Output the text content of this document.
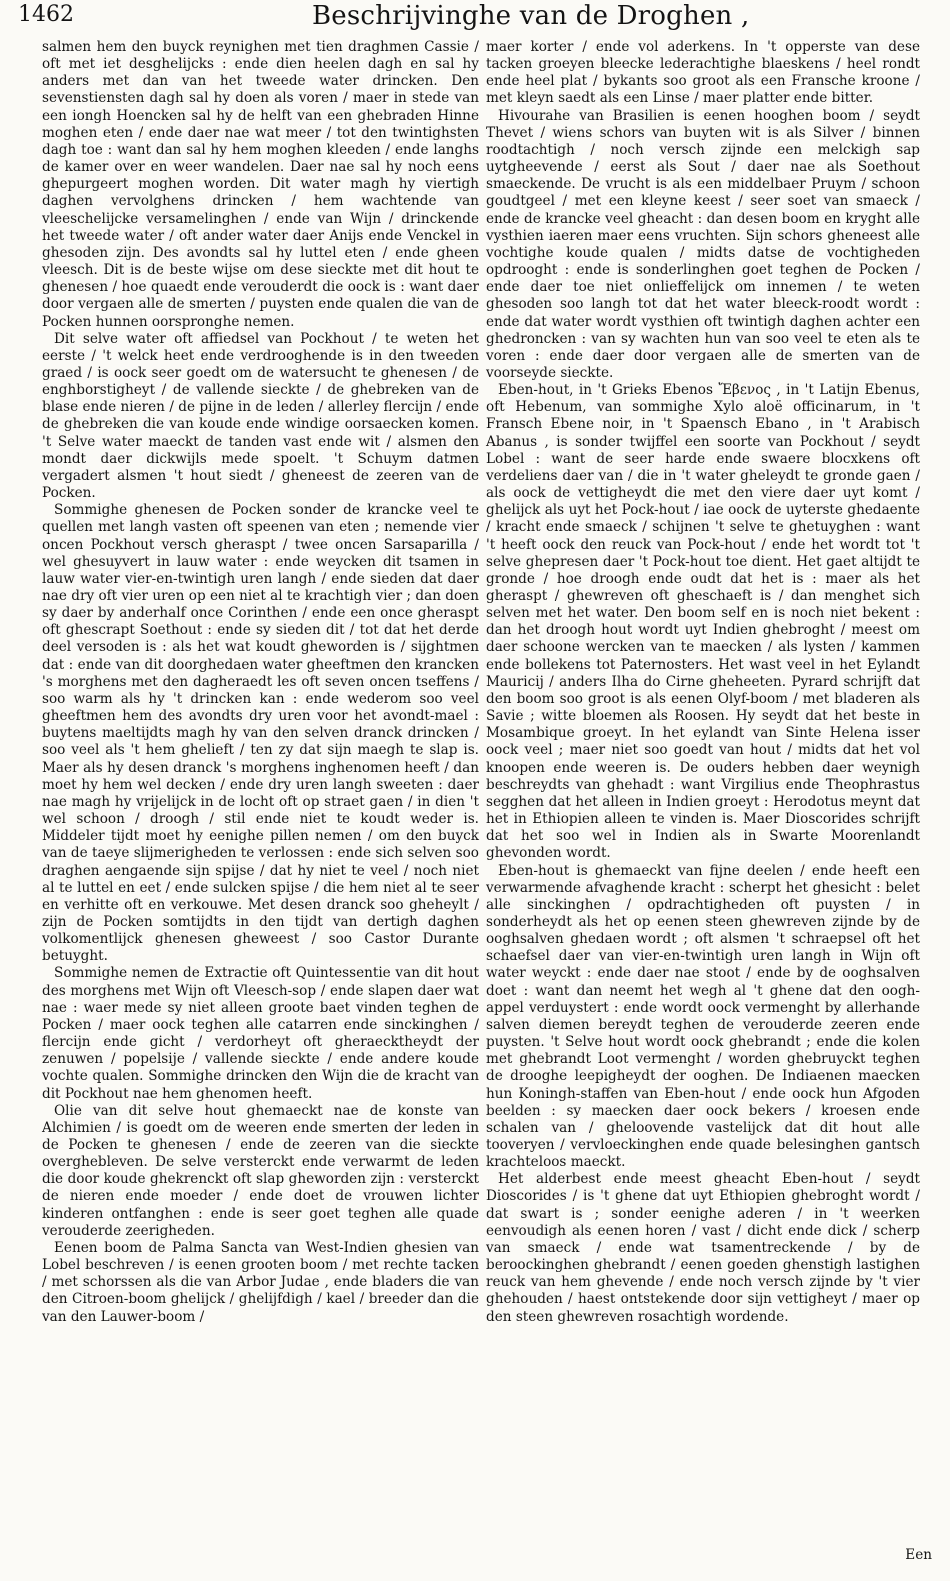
1462	Beschrijvinghe van de Droghen ,

salmen hem den buyck reynighen met tien draghmen Cassie / oft met iet desghelijcks : ende dien heelen dagh en sal hy anders met dan van het tweede water drincken. Den sevenstiensten dagh sal hy doen als voren / maer in stede van een iongh Hoencken sal hy de helft van een ghebraden Hinne moghen eten / ende daer nae wat meer / tot den twintighsten dagh toe : want dan sal hy hem moghen kleeden / ende langhs de kamer over en weer wandelen. Daer nae sal hy noch eens ghepurgeert moghen worden. Dit water magh hy viertigh daghen vervolghens drincken / hem wachtende van vleeschelijcke versamelinghen / ende van Wijn / drinckende het tweede water / oft ander water daer Anijs ende Venckel in ghesoden zijn. Des avondts sal hy luttel eten / ende gheen vleesch. Dit is de beste wijse om dese sieckte met dit hout te ghenesen / hoe quaedt ende verouderdt die oock is : want daer door vergaen alle de smerten / puysten ende qualen die van de Pocken hunnen oorspronghe nemen.

Dit selve water oft affiedsel van Pockhout / te weten het eerste / 't welck heet ende verdrooghende is in den tweeden graed / is oock seer goedt om de watersucht te ghenesen / de enghborstigheyt / de vallende sieckte / de ghebreken van de blase ende nieren / de pijne in de leden / allerley flercijn / ende de ghebreken die van koude ende windige oorsaecken komen. 't Selve water maeckt de tanden vast ende wit / alsmen den mondt daer dickwijls mede spoelt. 't Schuym datmen vergadert alsmen 't hout siedt / gheneest de zeeren van de Pocken.

Sommighe ghenesen de Pocken sonder de krancke veel te quellen met langh vasten oft speenen van eten ; nemende vier oncen Pockhout versch gheraspt / twee oncen Sarsaparilla / wel ghesuyvert in lauw water : ende weycken dit tsamen in lauw water vier-en-twintigh uren langh / ende sieden dat daer nae dry oft vier uren op een niet al te krachtigh vier ; dan doen sy daer by anderhalf once Corinthen / ende een once gheraspt oft ghescrapt Soethout : ende sy sieden dit / tot dat het derde deel versoden is : als het wat koudt gheworden is / sijghtmen dat : ende van dit doorghedaen water gheeftmen den krancken 's morghens met den dagheraedt les oft seven oncen tseffens / soo warm als hy 't drincken kan : ende wederom soo veel gheeftmen hem des avondts dry uren voor het avondt-mael : buytens maeltijdts magh hy van den selven dranck drincken / soo veel als 't hem ghelieft / ten zy dat sijn maegh te slap is. Maer als hy desen dranck 's morghens inghenomen heeft / dan moet hy hem wel decken / ende dry uren langh sweeten : daer nae magh hy vrijelijck in de locht oft op straet gaen / in dien 't wel schoon / droogh / stil ende niet te koudt weder is. Middeler tijdt moet hy eenighe pillen nemen / om den buyck van de taeye slijmerigheden te verlossen : ende sich selven soo draghen aengaende sijn spijse / dat hy niet te veel / noch niet al te luttel en eet / ende sulcken spijse / die hem niet al te seer en verhitte oft en verkouwe. Met desen dranck soo gheheylt / zijn de Pocken somtijdts in den tijdt van dertigh daghen volkomentlijck ghenesen gheweest / soo Castor Durante betuyght.

Sommighe nemen de Extractie oft Quintessentie van dit hout des morghens met Wijn oft Vleesch-sop / ende slapen daer wat nae : waer mede sy niet alleen groote baet vinden teghen de Pocken / maer oock teghen alle catarren ende sinckinghen / flercijn ende gicht / verdorheyt oft gheraecktheydt der zenuwen / popelsije / vallende sieckte / ende andere koude vochte qualen. Sommighe drincken den Wijn die de kracht van dit Pockhout nae hem ghenomen heeft.

Olie van dit selve hout ghemaeckt nae de konste van Alchimien / is goedt om de weeren ende smerten der leden in de Pocken te ghenesen / ende de zeeren van die sieckte overghebleven. De selve versterckt ende verwarmt de leden die door koude ghekrenckt oft slap gheworden zijn : versterckt de nieren ende moeder / ende doet de vrouwen lichter kinderen ontfanghen : ende is seer goet teghen alle quade verouderde zeerigheden.

Eenen boom de Palma Sancta van West-Indien ghesien van Lobel beschreven / is eenen grooten boom / met rechte tacken / met schorssen als die van Arbor Judae , ende bladers die van den Citroen-boom ghelijck / ghelijfdigh / kael / breeder dan die van den Lauwer-boom /

maer korter / ende vol aderkens. In 't opperste van dese tacken groeyen bleecke lederachtighe blaeskens / heel rondt ende heel plat / bykants soo groot als een Fransche kroone / met kleyn saedt als een Linse / maer platter ende bitter.

Hivourahe van Brasilien is eenen hooghen boom / seydt Thevet / wiens schors van buyten wit is als Silver / binnen roodtachtigh / noch versch zijnde een melckigh sap uytgheevende / eerst als Sout / daer nae als Soethout smaeckende. De vrucht is als een middelbaer Pruym / schoon goudtgeel / met een kleyne keest / seer soet van smaeck / ende de krancke veel gheacht : dan desen boom en kryght alle vysthien iaeren maer eens vruchten. Sijn schors gheneest alle vochtighe koude qualen / midts datse de vochtigheden opdrooght : ende is sonderlinghen goet teghen de Pocken / ende daer toe niet onlieffelijck om innemen / te weten ghesoden soo langh tot dat het water bleeck-roodt wordt : ende dat water wordt vysthien oft twintigh daghen achter een ghedroncken : van sy wachten hun van soo veel te eten als te voren : ende daer door vergaen alle de smerten van de voorseyde sieckte.

Eben-hout, in 't Grieks Ebenos Ἔβενος , in 't Latijn Ebenus, oft Hebenum, van sommighe Xylo aloë officinarum, in 't Fransch Ebene noir, in 't Spaensch Ebano , in 't Arabisch Abanus , is sonder twijffel een soorte van Pockhout / seydt Lobel : want de seer harde ende swaere blocxkens oft verdeliens daer van / die in 't water gheleydt te gronde gaen / als oock de vettigheydt die met den viere daer uyt komt / ghelijck als uyt het Pock-hout / iae oock de uyterste ghedaente / kracht ende smaeck / schijnen 't selve te ghetuyghen : want 't heeft oock den reuck van Pock-hout / ende het wordt tot 't selve ghepresen daer 't Pock-hout toe dient. Het gaet altijdt te gronde / hoe droogh ende oudt dat het is : maer als het gheraspt / ghewreven oft gheschaeft is / dan menghet sich selven met het water. Den boom self en is noch niet bekent : dan het droogh hout wordt uyt Indien ghebroght / meest om daer schoone wercken van te maecken / als lysten / kammen ende bollekens tot Paternosters. Het wast veel in het Eylandt Mauricij / anders Ilha do Cirne gheheeten. Pyrard schrijft dat den boom soo groot is als eenen Olyf-boom / met bladeren als Savie ; witte bloemen als Roosen. Hy seydt dat het beste in Mosambique groeyt. In het eylandt van Sinte Helena isser oock veel ; maer niet soo goedt van hout / midts dat het vol knoopen ende weeren is. De ouders hebben daer weynigh beschreydts van ghehadt : want Virgilius ende Theophrastus segghen dat het alleen in Indien groeyt : Herodotus meynt dat het in Ethiopien alleen te vinden is. Maer Dioscorides schrijft dat het soo wel in Indien als in Swarte Moorenlandt ghevonden wordt.

Eben-hout is ghemaeckt van fijne deelen / ende heeft een verwarmende afvaghende kracht : scherpt het ghesicht : belet alle sinckinghen / opdrachtigheden oft puysten / in sonderheydt als het op eenen steen ghewreven zijnde by de ooghsalven ghedaen wordt ; oft alsmen 't schraepsel oft het schaefsel daer van vier-en-twintigh uren langh in Wijn oft water weyckt : ende daer nae stoot / ende by de ooghsalven doet : want dan neemt het wegh al 't ghene dat den oogh-appel verduystert : ende wordt oock vermenght by allerhande salven diemen bereydt teghen de verouderde zeeren ende puysten. 't Selve hout wordt oock ghebrandt ; ende die kolen met ghebrandt Loot vermenght / worden ghebruyckt teghen de drooghe leepigheydt der ooghen. De Indiaenen maecken hun Koningh-staffen van Eben-hout / ende oock hun Afgoden beelden : sy maecken daer oock bekers / kroesen ende schalen van / gheloovende vastelijck dat dit hout alle tooveryen / vervloeckinghen ende quade belesinghen gantsch krachteloos maeckt.

Het alderbest ende meest gheacht Eben-hout / seydt Dioscorides / is 't ghene dat uyt Ethiopien ghebroght wordt / dat swart is ; sonder eenighe aderen / in 't weerken eenvoudigh als eenen horen / vast / dicht ende dick / scherp van smaeck / ende wat tsamentreckende / by de beroockinghen ghebrandt / eenen goeden ghenstigh lastighen reuck van hem ghevende / ende noch versch zijnde by 't vier ghehouden / haest ontstekende door sijn vettigheyt / maer op den steen ghewreven rosachtigh wordende.

Een
